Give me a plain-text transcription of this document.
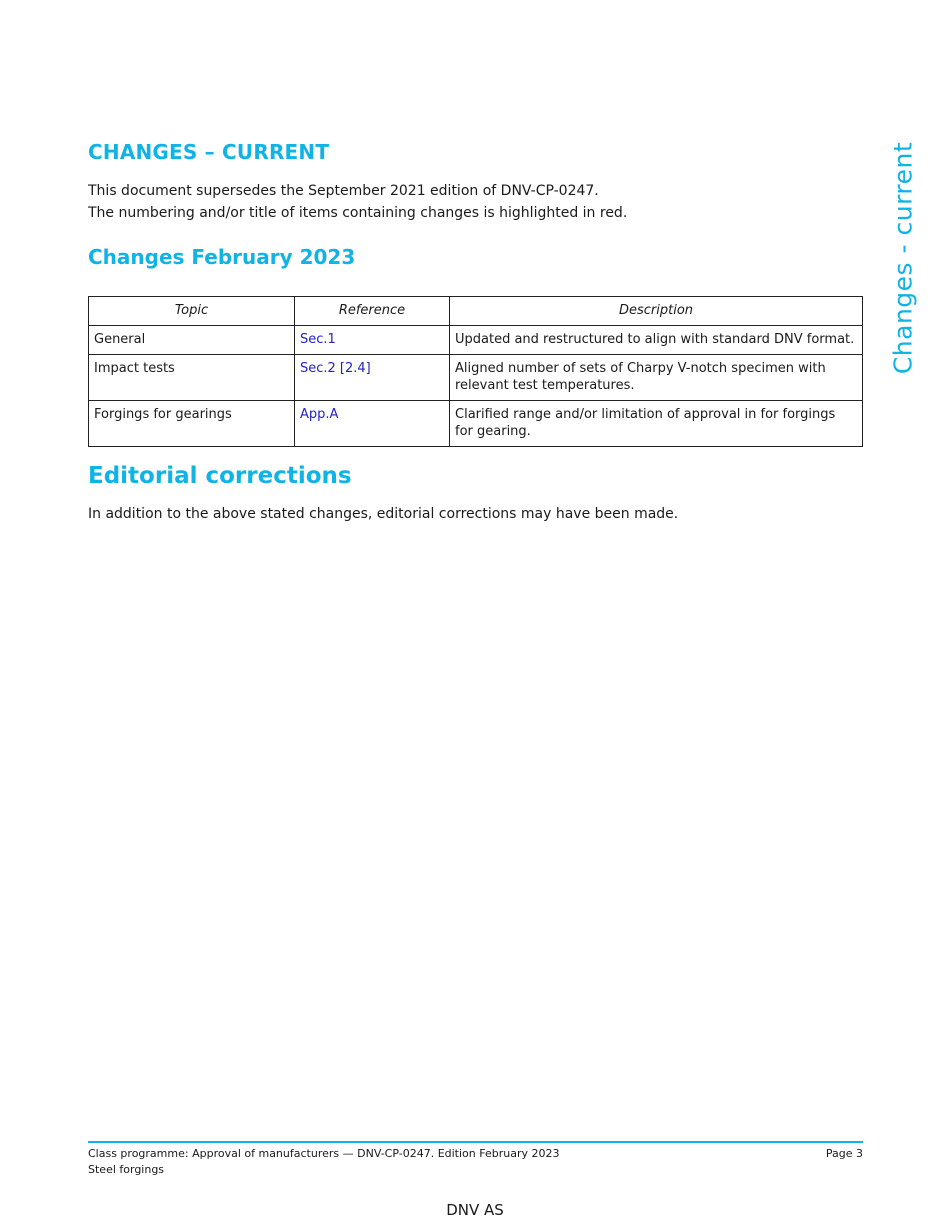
Changes - current
CHANGES – CURRENT

This document supersedes the September 2021 edition of DNV-CP-0247.

The numbering and/or title of items containing changes is highlighted in red.

Changes February 2023
Topic	Reference	Description
General	Sec.1	Updated and restructured to align with standard DNV format.
Impact tests	Sec.2 [2.4]	Aligned number of sets of Charpy V-notch specimen with relevant test temperatures.
Forgings for gearings	App.A	Clarified range and/or limitation of approval in for forgings for gearing.
Editorial corrections

In addition to the above stated changes, editorial corrections may have been made.

Class programme: Approval of manufacturers — DNV-CP-0247. Edition February 2023
Steel forgings
Page 3
DNV AS
